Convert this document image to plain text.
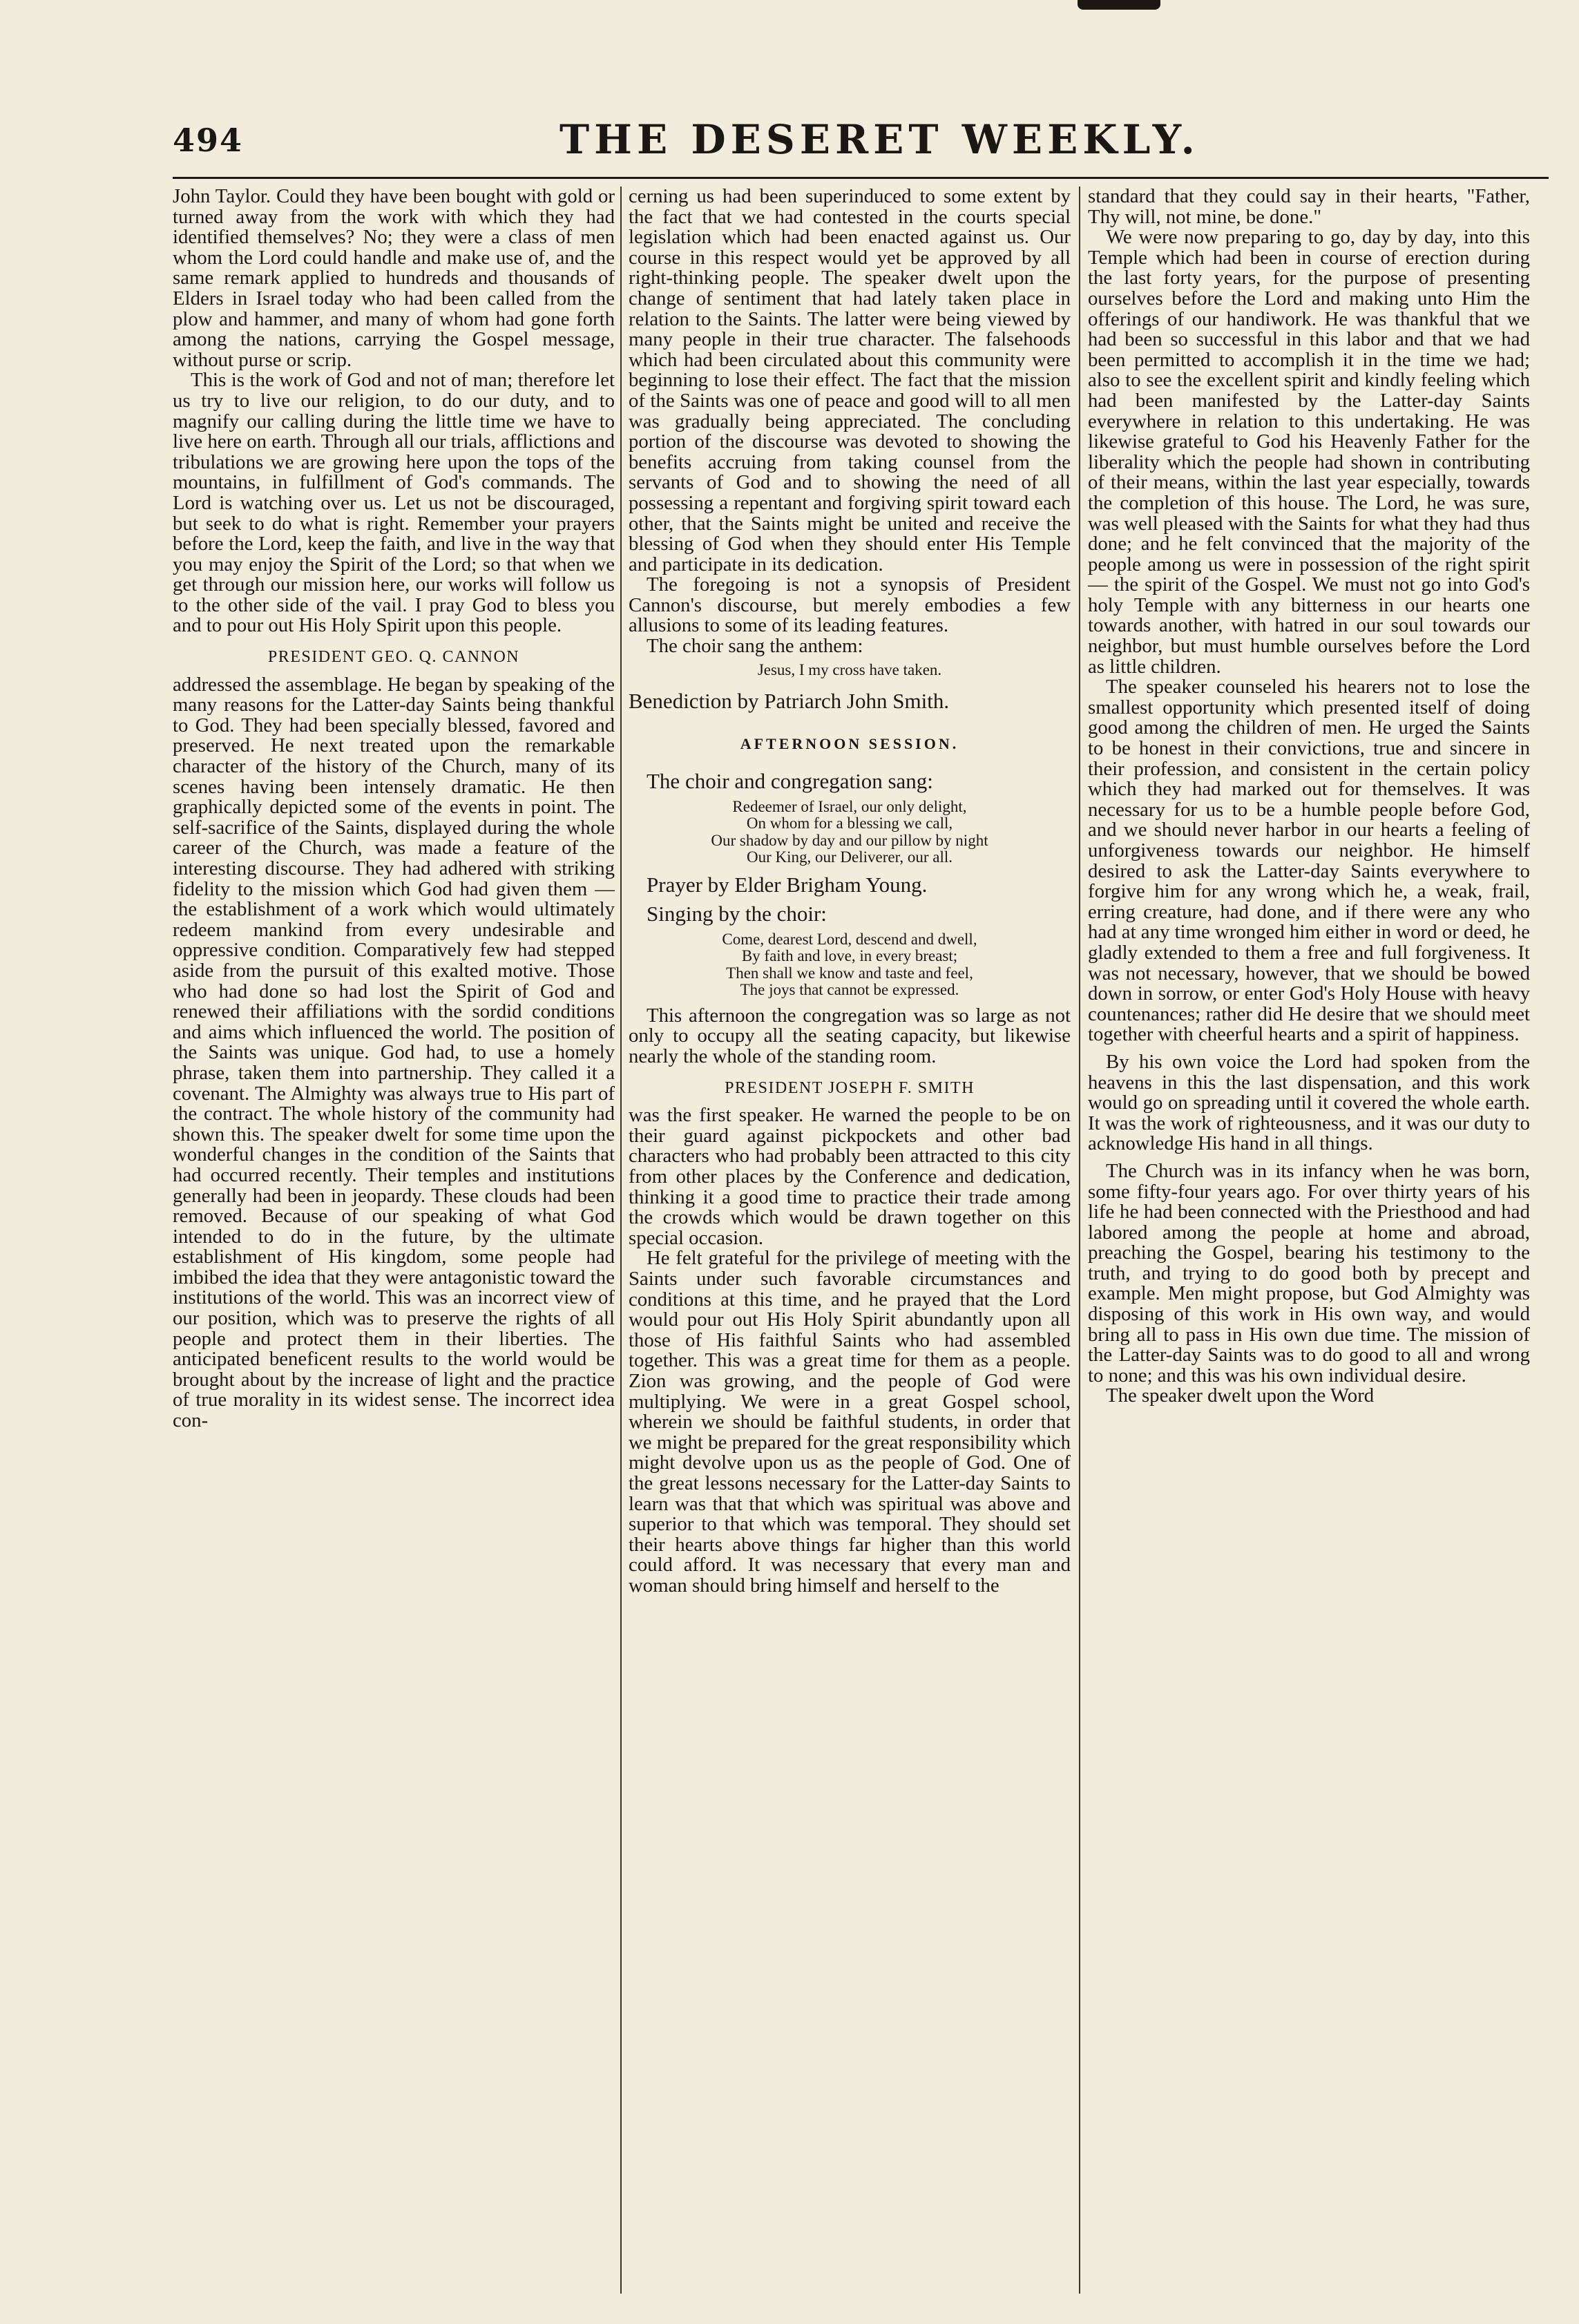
494	THE DESERET WEEKLY.

John Taylor. Could they have been bought with gold or turned away from the work with which they had identified themselves? No; they were a class of men whom the Lord could handle and make use of, and the same remark applied to hundreds and thousands of Elders in Israel today who had been called from the plow and hammer, and many of whom had gone forth among the nations, carrying the Gospel message, without purse or scrip.

This is the work of God and not of man; therefore let us try to live our religion, to do our duty, and to magnify our calling during the little time we have to live here on earth. Through all our trials, afflictions and tribulations we are growing here upon the tops of the mountains, in fulfillment of God's commands. The Lord is watching over us. Let us not be discouraged, but seek to do what is right. Remember your prayers before the Lord, keep the faith, and live in the way that you may enjoy the Spirit of the Lord; so that when we get through our mission here, our works will follow us to the other side of the vail. I pray God to bless you and to pour out His Holy Spirit upon this people.

PRESIDENT GEO. Q. CANNON

addressed the assemblage. He began by speaking of the many reasons for the Latter-day Saints being thankful to God. They had been specially blessed, favored and preserved. He next treated upon the remarkable character of the history of the Church, many of its scenes having been intensely dramatic. He then graphically depicted some of the events in point. The self-sacrifice of the Saints, displayed during the whole career of the Church, was made a feature of the interesting discourse. They had adhered with striking fidelity to the mission which God had given them — the establishment of a work which would ultimately redeem mankind from every undesirable and oppressive condition. Comparatively few had stepped aside from the pursuit of this exalted motive. Those who had done so had lost the Spirit of God and renewed their affiliations with the sordid conditions and aims which influenced the world. The position of the Saints was unique. God had, to use a homely phrase, taken them into partnership. They called it a covenant. The Almighty was always true to His part of the contract. The whole history of the community had shown this. The speaker dwelt for some time upon the wonderful changes in the condition of the Saints that had occurred recently. Their temples and institutions generally had been in jeopardy. These clouds had been removed. Because of our speaking of what God intended to do in the future, by the ultimate establishment of His kingdom, some people had imbibed the idea that they were antagonistic toward the institutions of the world. This was an incorrect view of our position, which was to preserve the rights of all people and protect them in their liberties. The anticipated beneficent results to the world would be brought about by the increase of light and the practice of true morality in its widest sense. The incorrect idea con-

cerning us had been superinduced to some extent by the fact that we had contested in the courts special legislation which had been enacted against us. Our course in this respect would yet be approved by all right-thinking people. The speaker dwelt upon the change of sentiment that had lately taken place in relation to the Saints. The latter were being viewed by many people in their true character. The falsehoods which had been circulated about this community were beginning to lose their effect. The fact that the mission of the Saints was one of peace and good will to all men was gradually being appreciated. The concluding portion of the discourse was devoted to showing the benefits accruing from taking counsel from the servants of God and to showing the need of all possessing a repentant and forgiving spirit toward each other, that the Saints might be united and receive the blessing of God when they should enter His Temple and participate in its dedication.

The foregoing is not a synopsis of President Cannon's discourse, but merely embodies a few allusions to some of its leading features.

The choir sang the anthem:

Jesus, I my cross have taken.

Benediction by Patriarch John Smith.

AFTERNOON SESSION.

The choir and congregation sang:

Redeemer of Israel, our only delight,
On whom for a blessing we call,
Our shadow by day and our pillow by night
Our King, our Deliverer, our all.

Prayer by Elder Brigham Young.

Singing by the choir:

Come, dearest Lord, descend and dwell,
By faith and love, in every breast;
Then shall we know and taste and feel,
The joys that cannot be expressed.

This afternoon the congregation was so large as not only to occupy all the seating capacity, but likewise nearly the whole of the standing room.

PRESIDENT JOSEPH F. SMITH

was the first speaker. He warned the people to be on their guard against pickpockets and other bad characters who had probably been attracted to this city from other places by the Conference and dedication, thinking it a good time to practice their trade among the crowds which would be drawn together on this special occasion.

He felt grateful for the privilege of meeting with the Saints under such favorable circumstances and conditions at this time, and he prayed that the Lord would pour out His Holy Spirit abundantly upon all those of His faithful Saints who had assembled together. This was a great time for them as a people. Zion was growing, and the people of God were multiplying. We were in a great Gospel school, wherein we should be faithful students, in order that we might be prepared for the great responsibility which might devolve upon us as the people of God. One of the great lessons necessary for the Latter-day Saints to learn was that that which was spiritual was above and superior to that which was temporal. They should set their hearts above things far higher than this world could afford. It was necessary that every man and woman should bring himself and herself to the

standard that they could say in their hearts, "Father, Thy will, not mine, be done."

We were now preparing to go, day by day, into this Temple which had been in course of erection during the last forty years, for the purpose of presenting ourselves before the Lord and making unto Him the offerings of our handiwork. He was thankful that we had been so successful in this labor and that we had been permitted to accomplish it in the time we had; also to see the excellent spirit and kindly feeling which had been manifested by the Latter-day Saints everywhere in relation to this undertaking. He was likewise grateful to God his Heavenly Father for the liberality which the people had shown in contributing of their means, within the last year especially, towards the completion of this house. The Lord, he was sure, was well pleased with the Saints for what they had thus done; and he felt convinced that the majority of the people among us were in possession of the right spirit— the spirit of the Gospel. We must not go into God's holy Temple with any bitterness in our hearts one towards another, with hatred in our soul towards our neighbor, but must humble ourselves before the Lord as little children.

The speaker counseled his hearers not to lose the smallest opportunity which presented itself of doing good among the children of men. He urged the Saints to be honest in their convictions, true and sincere in their profession, and consistent in the certain policy which they had marked out for themselves. It was necessary for us to be a humble people before God, and we should never harbor in our hearts a feeling of unforgiveness towards our neighbor. He himself desired to ask the Latter-day Saints everywhere to forgive him for any wrong which he, a weak, frail, erring creature, had done, and if there were any who had at any time wronged him either in word or deed, he gladly extended to them a free and full forgiveness. It was not necessary, however, that we should be bowed down in sorrow, or enter God's Holy House with heavy countenances; rather did He desire that we should meet together with cheerful hearts and a spirit of happiness.

By his own voice the Lord had spoken from the heavens in this the last dispensation, and this work would go on spreading until it covered the whole earth. It was the work of righteousness, and it was our duty to acknowledge His hand in all things.

The Church was in its infancy when he was born, some fifty-four years ago. For over thirty years of his life he had been connected with the Priesthood and had labored among the people at home and abroad, preaching the Gospel, bearing his testimony to the truth, and trying to do good both by precept and example. Men might propose, but God Almighty was disposing of this work in His own way, and would bring all to pass in His own due time. The mission of the Latter-day Saints was to do good to all and wrong to none; and this was his own individual desire.

The speaker dwelt upon the Word
